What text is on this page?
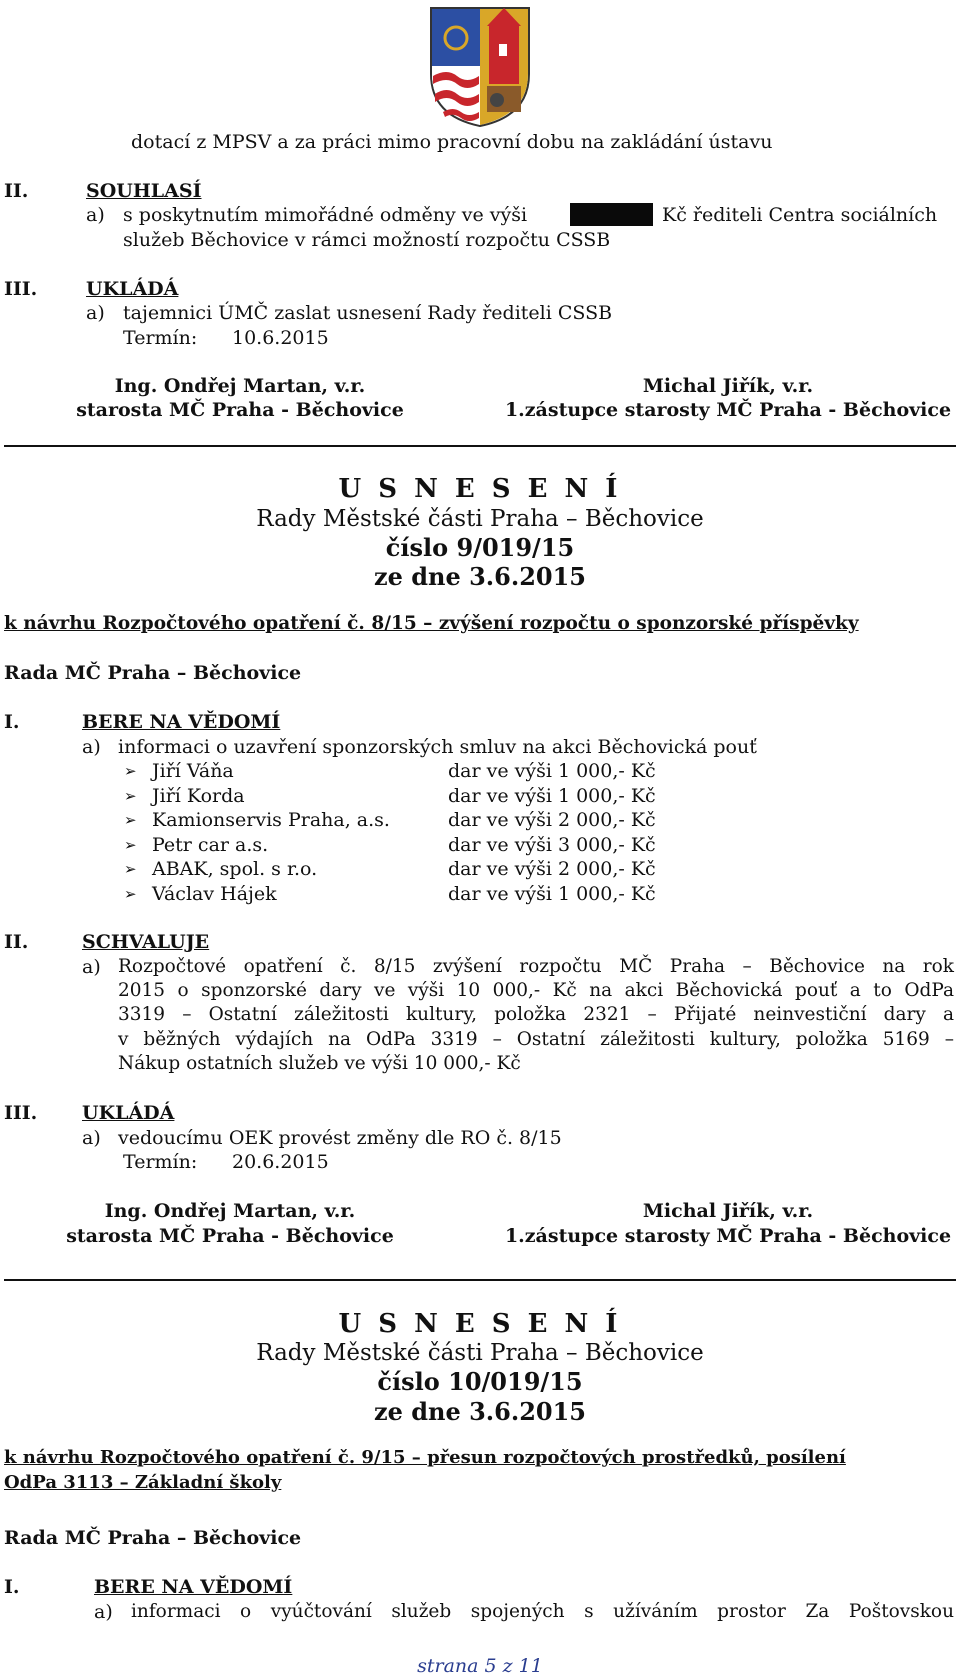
dotací z MPSV a za práci mimo pracovní dobu na zakládání ústavu
II.	SOUHLASÍ
a) s poskytnutím mimořádné odměny ve výši	Kč řediteli Centra sociálních
služeb Běchovice v rámci možností rozpočtu CSSB
III.	UKLÁDÁ
a) tajemnici ÚMČ zaslat usnesení Rady řediteli CSSB
Termín: 10.6.2015
Ing. Ondřej Martan, v.r.
starosta MČ Praha - Běchovice
Michal Jiřík, v.r.
1.zástupce starosty MČ Praha - Běchovice
U S N E S E N Í
Rady Městské části Praha – Běchovice
číslo 9/019/15
ze dne 3.6.2015
k návrhu Rozpočtového opatření č. 8/15 – zvýšení rozpočtu o sponzorské příspěvky
Rada MČ Praha – Běchovice
I.	BERE NA VĚDOMÍ
a) informaci o uzavření sponzorských smluv na akci Běchovická pouť
➢ Jiří Váňa	dar ve výši 1 000,- Kč
➢ Jiří Korda	dar ve výši 1 000,- Kč
➢ Kamionservis Praha, a.s.	dar ve výši 2 000,- Kč
➢ Petr car a.s.	dar ve výši 3 000,- Kč
➢ ABAK, spol. s r.o.	dar ve výši 2 000,- Kč
➢ Václav Hájek	dar ve výši 1 000,- Kč
II.	SCHVALUJE
a) Rozpočtové opatření č. 8/15 zvýšení rozpočtu MČ Praha – Běchovice na rok
2015 o sponzorské dary ve výši 10 000,- Kč na akci Běchovická pouť a to OdPa
3319 – Ostatní záležitosti kultury, položka 2321 – Přijaté neinvestiční dary a
v běžných výdajích na OdPa 3319 – Ostatní záležitosti kultury, položka 5169 –
Nákup ostatních služeb ve výši 10 000,- Kč
III. UKLÁDÁ
a) vedoucímu OEK provést změny dle RO č. 8/15
Termín: 20.6.2015
Ing. Ondřej Martan, v.r.
starosta MČ Praha - Běchovice
Michal Jiřík, v.r.
1.zástupce starosty MČ Praha - Běchovice
U S N E S E N Í
Rady Městské části Praha – Běchovice
číslo 10/019/15
ze dne 3.6.2015
k návrhu Rozpočtového opatření č. 9/15 – přesun rozpočtových prostředků, posílení
OdPa 3113 – Základní školy
Rada MČ Praha – Běchovice
I.	BERE NA VĚDOMÍ
a) informaci o vyúčtování služeb spojených s užíváním prostor Za Poštovskou
strana 5 z 11
